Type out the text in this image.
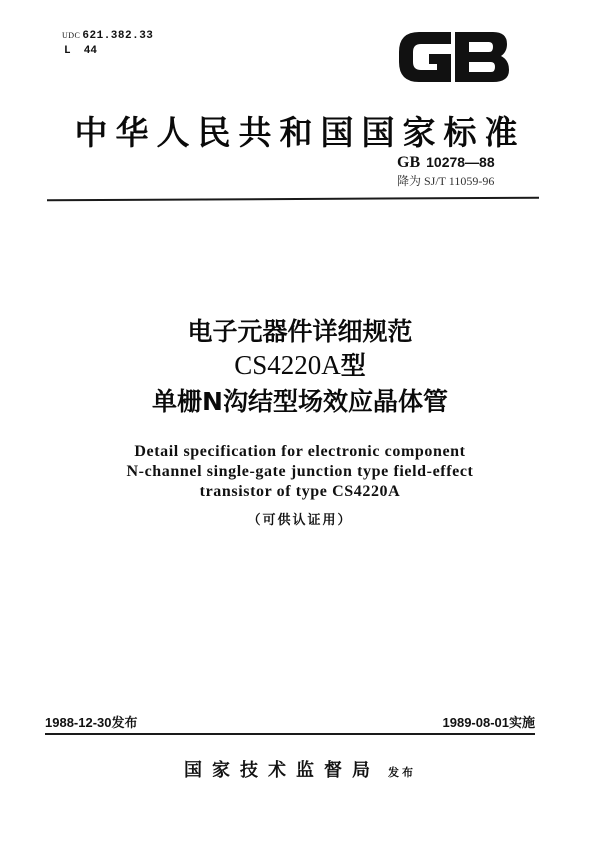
UDC 621.382.33
L  44
中华人民共和国国家标准
GB 10278—88
降为 SJ/T 11059-96
电子元器件详细规范
CS4220A型
单栅N沟结型场效应晶体管
Detail specification for electronic component
N-channel single-gate junction type field-effect
transistor of type CS4220A
（可供认证用）
1988-12-30发布	1989-08-01实施
国家技术监督局 发布
